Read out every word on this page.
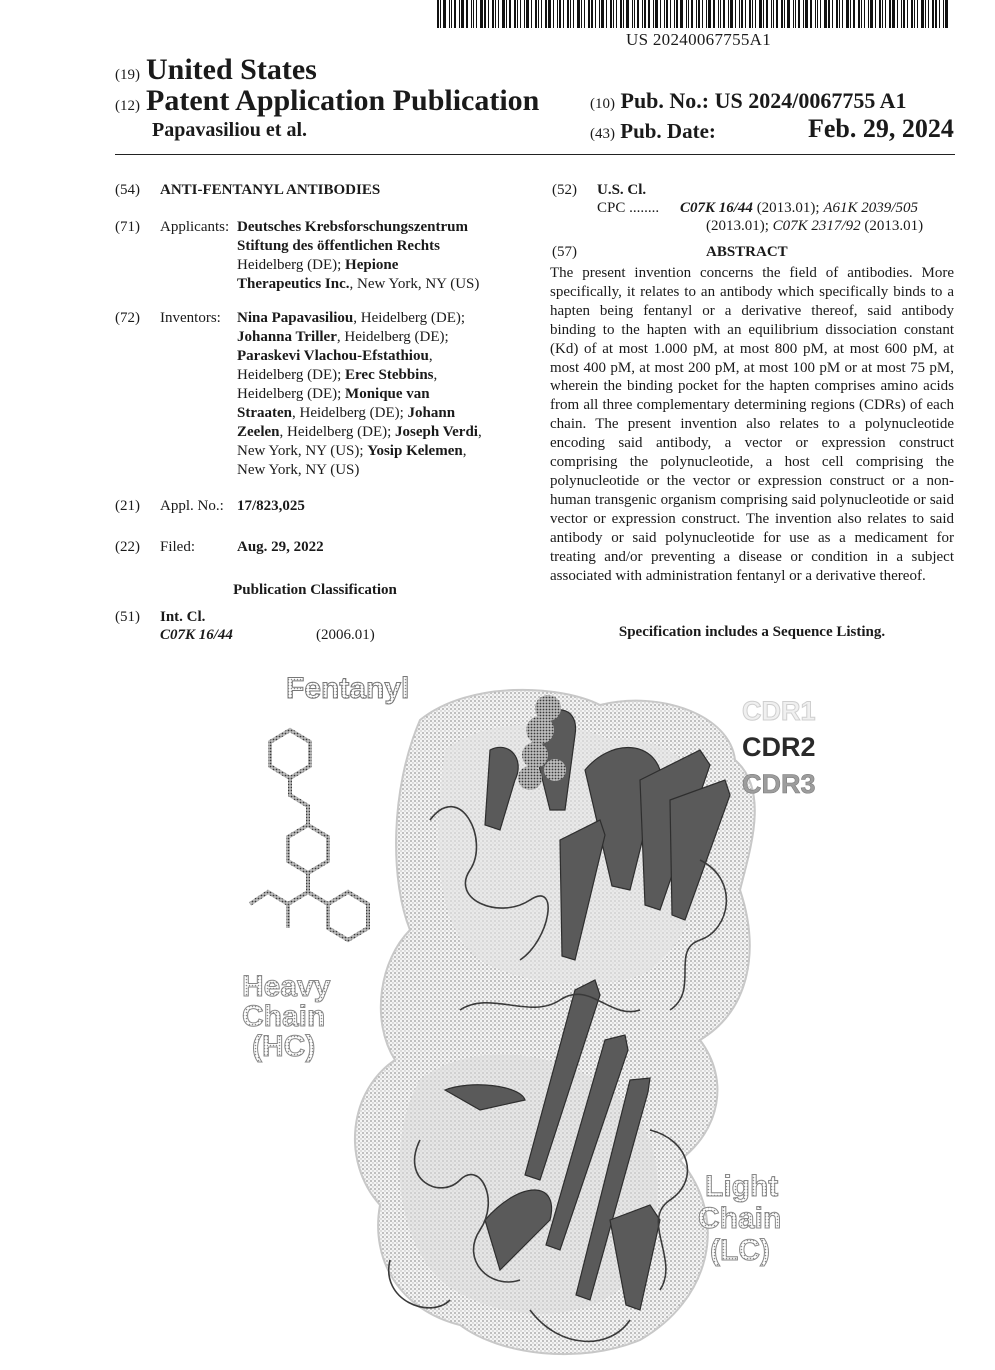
US 20240067755A1
(19) United States
(12) Patent Application Publication
Papavasiliou et al.
(10) Pub. No.: US 2024/0067755 A1
(43) Pub. Date:	Feb. 29, 2024
(54) ANTI-FENTANYL ANTIBODIES
(71) Applicants: Deutsches Krebsforschungszentrum
Stiftung des öffentlichen Rechts
Heidelberg (DE); Hepione
Therapeutics Inc., New York, NY (US)
(72) Inventors: Nina Papavasiliou, Heidelberg (DE);
Johanna Triller, Heidelberg (DE);
Paraskevi Vlachou-Efstathiou,
Heidelberg (DE); Erec Stebbins,
Heidelberg (DE); Monique van
Straaten, Heidelberg (DE); Johann
Zeelen, Heidelberg (DE); Joseph Verdi,
New York, NY (US); Yosip Kelemen,
New York, NY (US)
(21) Appl. No.: 17/823,025
(22) Filed:	Aug. 29, 2022
Publication Classification
(51) Int. Cl.
C07K 16/44	(2006.01)
(52) U.S. Cl.
CPC ........ C07K 16/44 (2013.01); A61K 2039/505
(2013.01); C07K 2317/92 (2013.01)
(57)	ABSTRACT
The present invention concerns the field of antibodies. More specifically, it relates to an antibody which specifically binds to a hapten being fentanyl or a derivative thereof, said antibody binding to the hapten with an equilibrium dissociation constant (Kd) of at most 1.000 pM, at most 800 pM, at most 600 pM, at most 400 pM, at most 200 pM, at most 100 pM or at most 75 pM, wherein the binding pocket for the hapten comprises amino acids from all three complementary determining regions (CDRs) of each chain. The present invention also relates to a polynucleotide encoding said antibody, a vector or expression construct comprising the polynucleotide, a host cell comprising the polynucleotide or the vector or expression construct or a non-human transgenic organism comprising said polynucleotide or said vector or expression construct. The invention also relates to said antibody or said polynucleotide for use as a medicament for treating and/or preventing a disease or condition in a subject associated with administration fentanyl or a derivative thereof.
Specification includes a Sequence Listing.
Fentanyl
CDR1
CDR2
CDR3
Heavy
Chain
(HC)
Light
Chain
(LC)
